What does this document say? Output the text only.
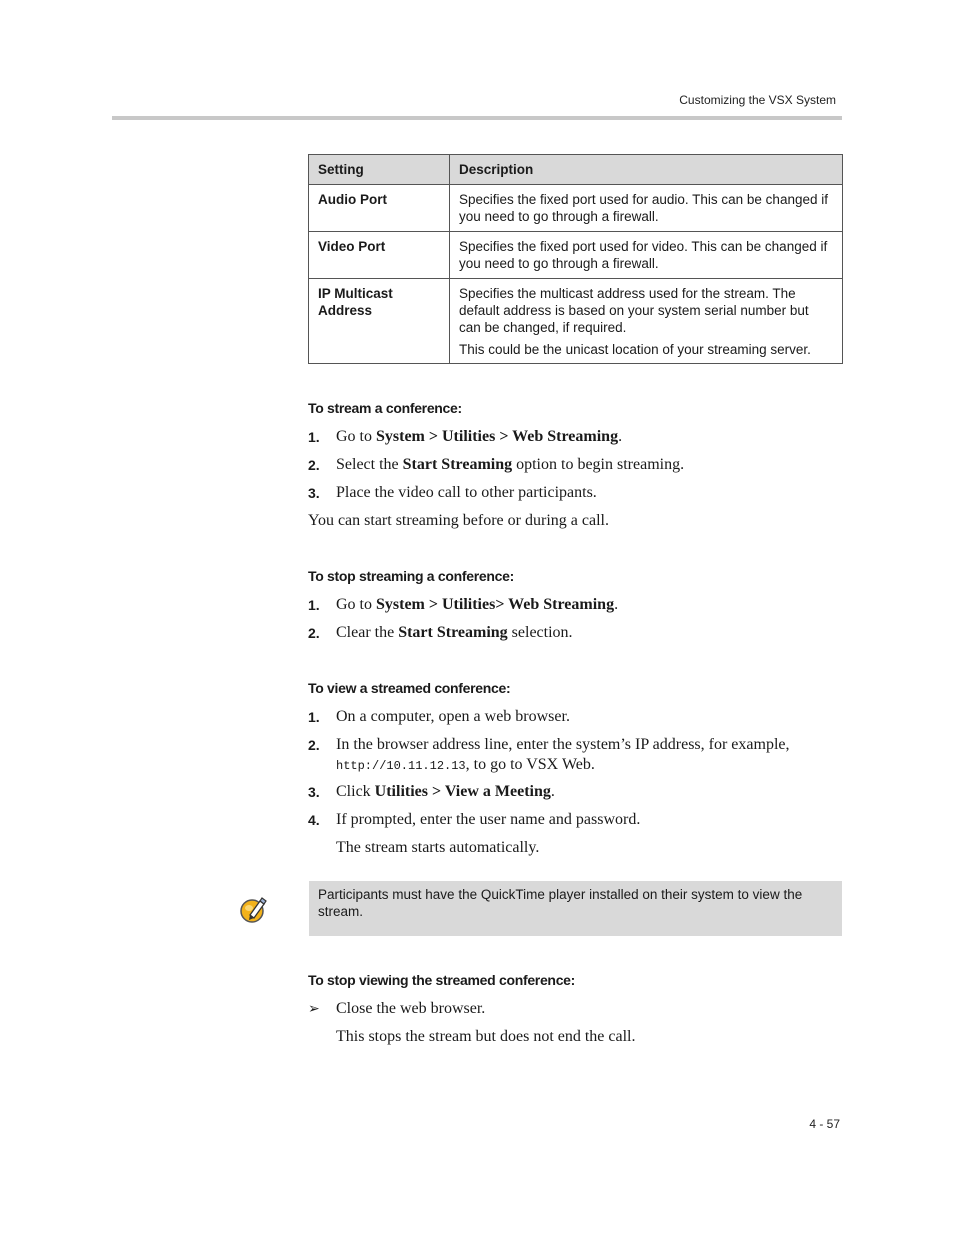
Customizing the VSX System
Setting	Description
Audio Port	Specifies the fixed port used for audio. This can be changed if you need to go through a firewall.

Video Port	Specifies the fixed port used for video. This can be changed if you need to go through a firewall.

IP Multicast Address	Specifies the multicast address used for the stream. The default address is based on your system serial number but can be changed, if required.

This could be the unicast location of your streaming server.

To stream a conference:
1. Go to System > Utilities > Web Streaming.
2. Select the Start Streaming option to begin streaming.
3. Place the video call to other participants.
You can start streaming before or during a call.
To stop streaming a conference:
1. Go to System > Utilities> Web Streaming.
2. Clear the Start Streaming selection.
To view a streamed conference:
1. On a computer, open a web browser.
2. In the browser address line, enter the system’s IP address, for example,
http://10.11.12.13, to go to VSX Web.
3. Click Utilities > View a Meeting.
4. If prompted, enter the user name and password.
The stream starts automatically.
Participants must have the QuickTime player installed on their system to view the stream.
To stop viewing the streamed conference:
➢ Close the web browser.
This stops the stream but does not end the call.
4 - 57
